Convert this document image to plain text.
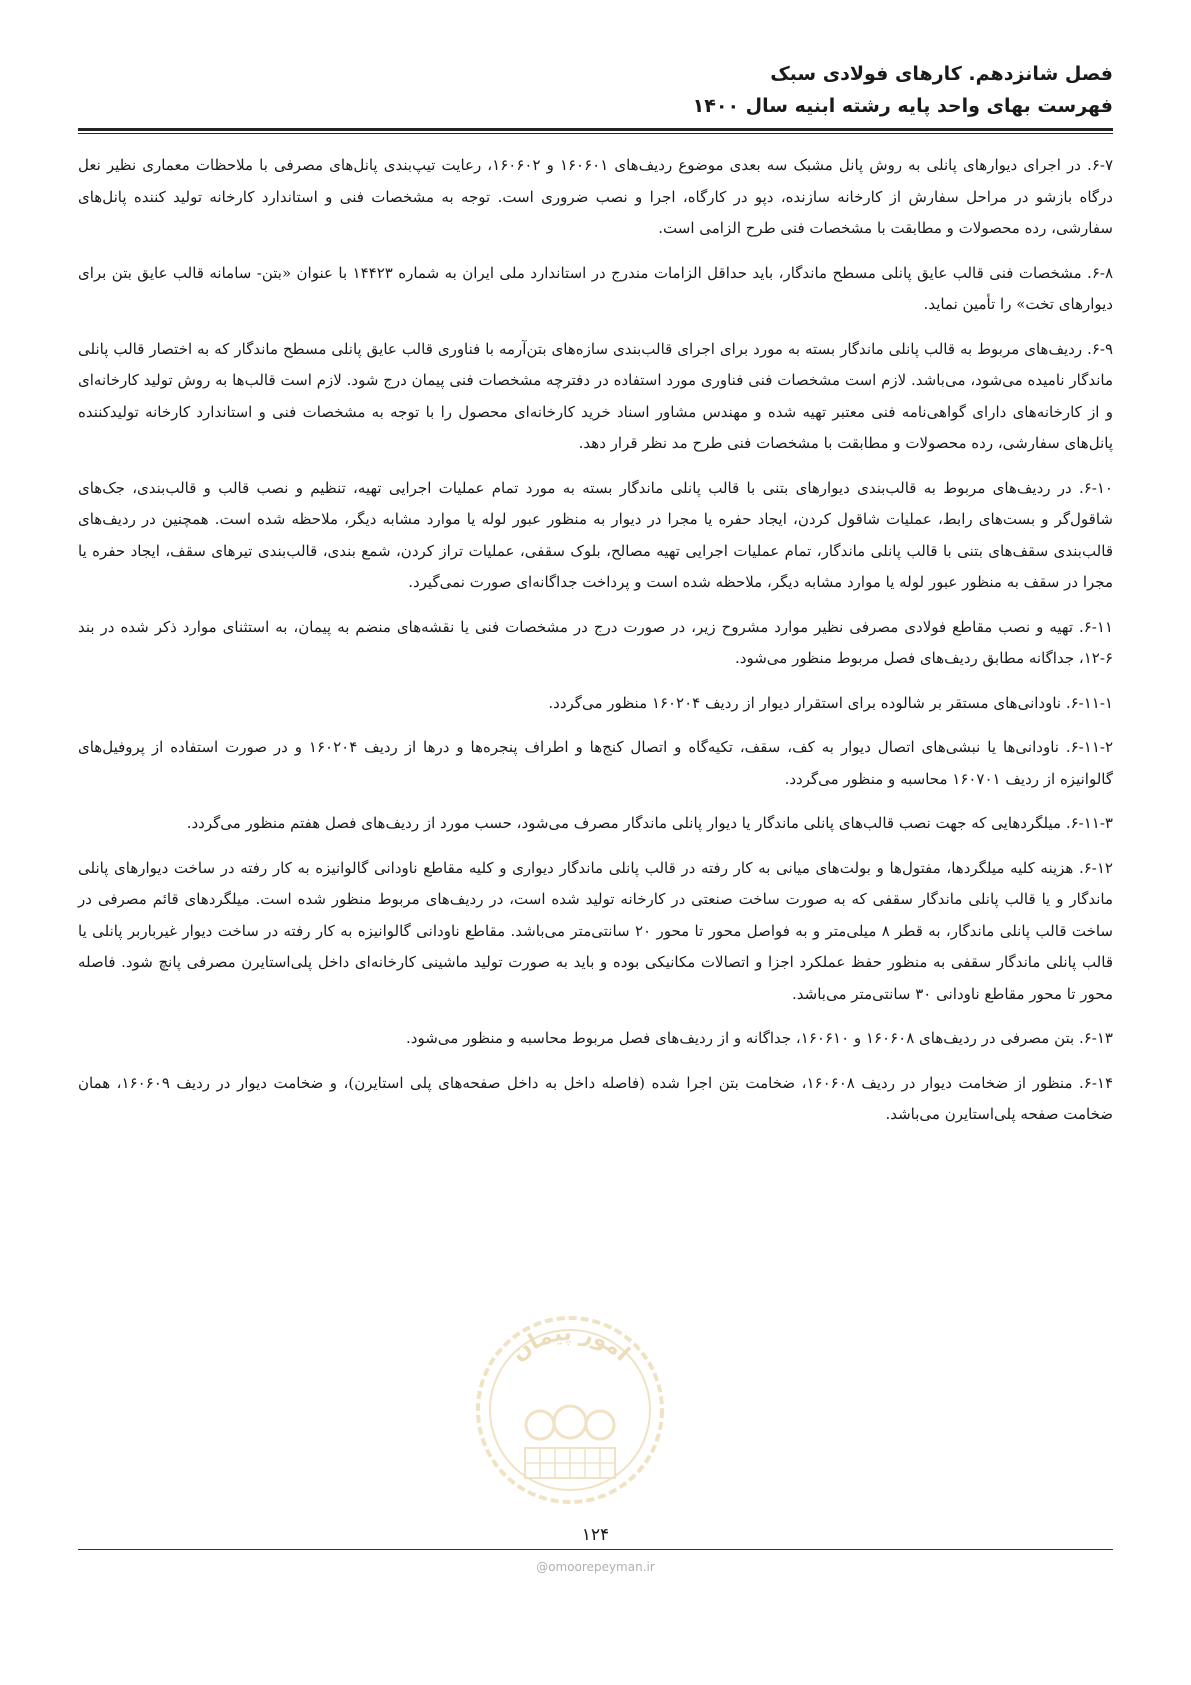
فصل شانزدهم. کارهای فولادی سبک

فهرست بهای واحد پایه رشته ابنیه سال ۱۴۰۰

۶-۷. در اجرای دیوارهای پانلی به روش پانل مشبک سه بعدی موضوع ردیف‌های ۱۶۰۶۰۱ و ۱۶۰۶۰۲، رعایت تیپ‌بندی پانل‌های مصرفی با ملاحظات معماری نظیر نعل درگاه بازشو در مراحل سفارش از کارخانه سازنده، دپو در کارگاه، اجرا و نصب ضروری است. توجه به مشخصات فنی و استاندارد کارخانه تولید کننده پانل‌های سفارشی، رده محصولات و مطابقت با مشخصات فنی طرح الزامی است.

۶-۸. مشخصات فنی قالب عایق پانلی مسطح ماندگار، باید حداقل الزامات مندرج در استاندارد ملی ایران به شماره ۱۴۴۲۳ با عنوان «بتن- سامانه قالب عایق بتن برای دیوارهای تخت» را تأمین نماید.

۶-۹. ردیف‌های مربوط به قالب پانلی ماندگار بسته به مورد برای اجرای قالب‌بندی سازه‌های بتن‌آرمه با فناوری قالب عایق پانلی مسطح ماندگار که به اختصار قالب پانلی ماندگار نامیده می‌شود، می‌باشد. لازم است مشخصات فنی فناوری مورد استفاده در دفترچه مشخصات فنی پیمان درج شود. لازم است قالب‌ها به روش تولید کارخانه‌ای و از کارخانه‌های دارای گواهی‌نامه فنی معتبر تهیه شده و مهندس مشاور اسناد خرید کارخانه‌ای محصول را با توجه به مشخصات فنی و استاندارد کارخانه تولیدکننده پانل‌های سفارشی، رده محصولات و مطابقت با مشخصات فنی طرح مد نظر قرار دهد.

۶-۱۰. در ردیف‌های مربوط به قالب‌بندی دیوارهای بتنی با قالب پانلی ماندگار بسته به مورد تمام عملیات اجرایی تهیه، تنظیم و نصب قالب و قالب‌بندی، جک‌های شاقول‌گر و بست‌های رابط، عملیات شاقول کردن، ایجاد حفره یا مجرا در دیوار به منظور عبور لوله یا موارد مشابه دیگر، ملاحظه شده است. همچنین در ردیف‌های قالب‌بندی سقف‌های بتنی با قالب پانلی ماندگار، تمام عملیات اجرایی تهیه مصالح، بلوک سقفی، عملیات تراز کردن، شمع بندی، قالب‌بندی تیرهای سقف، ایجاد حفره یا مجرا در سقف به منظور عبور لوله یا موارد مشابه دیگر، ملاحظه شده است و پرداخت جداگانه‌ای صورت نمی‌گیرد.

۶-۱۱. تهیه و نصب مقاطع فولادی مصرفی نظیر موارد مشروح زیر، در صورت درج در مشخصات فنی یا نقشه‌های منضم به پیمان، به استثنای موارد ذکر شده در بند ۶-۱۲، جداگانه مطابق ردیف‌های فصل مربوط منظور می‌شود.

۶-۱۱-۱. ناودانی‌های مستقر بر شالوده برای استقرار دیوار از ردیف ۱۶۰۲۰۴ منظور می‌گردد.

۶-۱۱-۲. ناودانی‌ها یا نبشی‌های اتصال دیوار به کف، سقف، تکیه‌گاه و اتصال کنج‌ها و اطراف پنجره‌ها و درها از ردیف ۱۶۰۲۰۴ و در صورت استفاده از پروفیل‌های گالوانیزه از ردیف ۱۶۰۷۰۱ محاسبه و منظور می‌گردد.

۶-۱۱-۳. میلگردهایی که جهت نصب قالب‌های پانلی ماندگار یا دیوار پانلی ماندگار مصرف می‌شود، حسب مورد از ردیف‌های فصل هفتم منظور می‌گردد.

۶-۱۲. هزینه کلیه میلگردها، مفتول‌ها و بولت‌های میانی به کار رفته در قالب پانلی ماندگار دیواری و کلیه مقاطع ناودانی گالوانیزه به کار رفته در ساخت دیوارهای پانلی ماندگار و یا قالب پانلی ماندگار سقفی که به صورت ساخت صنعتی در کارخانه تولید شده است، در ردیف‌های مربوط منظور شده است. میلگردهای قائم مصرفی در ساخت قالب پانلی ماندگار، به قطر ۸ میلی‌متر و به فواصل محور تا محور ۲۰ سانتی‌متر می‌باشد. مقاطع ناودانی گالوانیزه به کار رفته در ساخت دیوار غیرباربر پانلی یا قالب پانلی ماندگار سقفی به منظور حفظ عملکرد اجزا و اتصالات مکانیکی بوده و باید به صورت تولید ماشینی کارخانه‌ای داخل پلی‌استایرن مصرفی پانچ شود. فاصله محور تا محور مقاطع ناودانی ۳۰ سانتی‌متر می‌باشد.

۶-۱۳. بتن مصرفی در ردیف‌های ۱۶۰۶۰۸ و ۱۶۰۶۱۰، جداگانه و از ردیف‌های فصل مربوط محاسبه و منظور می‌شود.

۶-۱۴. منظور از ضخامت دیوار در ردیف ۱۶۰۶۰۸، ضخامت بتن اجرا شده (فاصله داخل به داخل صفحه‌های پلی استایرن)، و ضخامت دیوار در ردیف ۱۶۰۶۰۹، همان ضخامت صفحه پلی‌استایرن می‌باشد.

امور پیمان
۱۲۴
@omoorepeyman.ir
